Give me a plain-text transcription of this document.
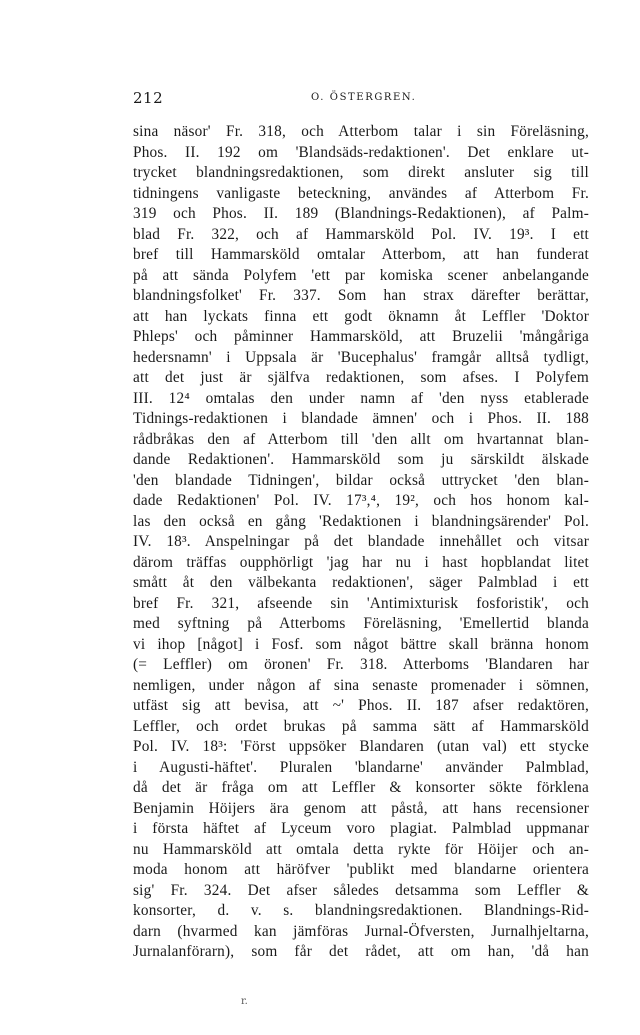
212	O. ÖSTERGREN.
sina näsor' Fr. 318, och Atterbom talar i sin Föreläsning,
Phos. II. 192 om 'Blandsäds-redaktionen'. Det enklare ut-
trycket blandningsredaktionen, som direkt ansluter sig till
tidningens vanligaste beteckning, användes af Atterbom Fr.
319 och Phos. II. 189 (Blandnings-Redaktionen), af Palm-
blad Fr. 322, och af Hammarsköld Pol. IV. 19³. I ett
bref till Hammarsköld omtalar Atterbom, att han funderat
på att sända Polyfem 'ett par komiska scener anbelangande
blandningsfolket' Fr. 337. Som han strax därefter berättar,
att han lyckats finna ett godt öknamn åt Leffler 'Doktor
Phleps' och påminner Hammarsköld, att Bruzelii 'mångåriga
hedersnamn' i Uppsala är 'Bucephalus' framgår alltså tydligt,
att det just är själfva redaktionen, som afses. I Polyfem
III. 12⁴ omtalas den under namn af 'den nyss etablerade
Tidnings-redaktionen i blandade ämnen' och i Phos. II. 188
rådbråkas den af Atterbom till 'den allt om hvartannat blan-
dande Redaktionen'. Hammarsköld som ju särskildt älskade
'den blandade Tidningen', bildar också uttrycket 'den blan-
dade Redaktionen' Pol. IV. 17³,⁴, 19², och hos honom kal-
las den också en gång 'Redaktionen i blandningsärender' Pol.
IV. 18³. Anspelningar på det blandade innehållet och vitsar
därom träffas oupphörligt 'jag har nu i hast hopblandat litet
smått åt den välbekanta redaktionen', säger Palmblad i ett
bref Fr. 321, afseende sin 'Antimixturisk fosforistik', och
med syftning på Atterboms Föreläsning, 'Emellertid blanda
vi ihop [något] i Fosf. som något bättre skall bränna honom
(= Leffler) om öronen' Fr. 318. Atterboms 'Blandaren har
nemligen, under någon af sina senaste promenader i sömnen,
utfäst sig att bevisa, att ~' Phos. II. 187 afser redaktören,
Leffler, och ordet brukas på samma sätt af Hammarsköld
Pol. IV. 18³: 'Först uppsöker Blandaren (utan val) ett stycke
i Augusti-häftet'. Pluralen 'blandarne' använder Palmblad,
då det är fråga om att Leffler & konsorter sökte förklena
Benjamin Höijers ära genom att påstå, att hans recensioner
i första häftet af Lyceum voro plagiat. Palmblad uppmanar
nu Hammarsköld att omtala detta rykte för Höijer och an-
moda honom att häröfver 'publikt med blandarne orientera
sig' Fr. 324. Det afser således detsamma som Leffler &
konsorter, d. v. s. blandningsredaktionen. Blandnings-Rid-
darn (hvarmed kan jämföras Jurnal-Öfversten, Jurnalhjeltarna,
Jurnalanförarn), som får det rådet, att om han, 'då han
r.
